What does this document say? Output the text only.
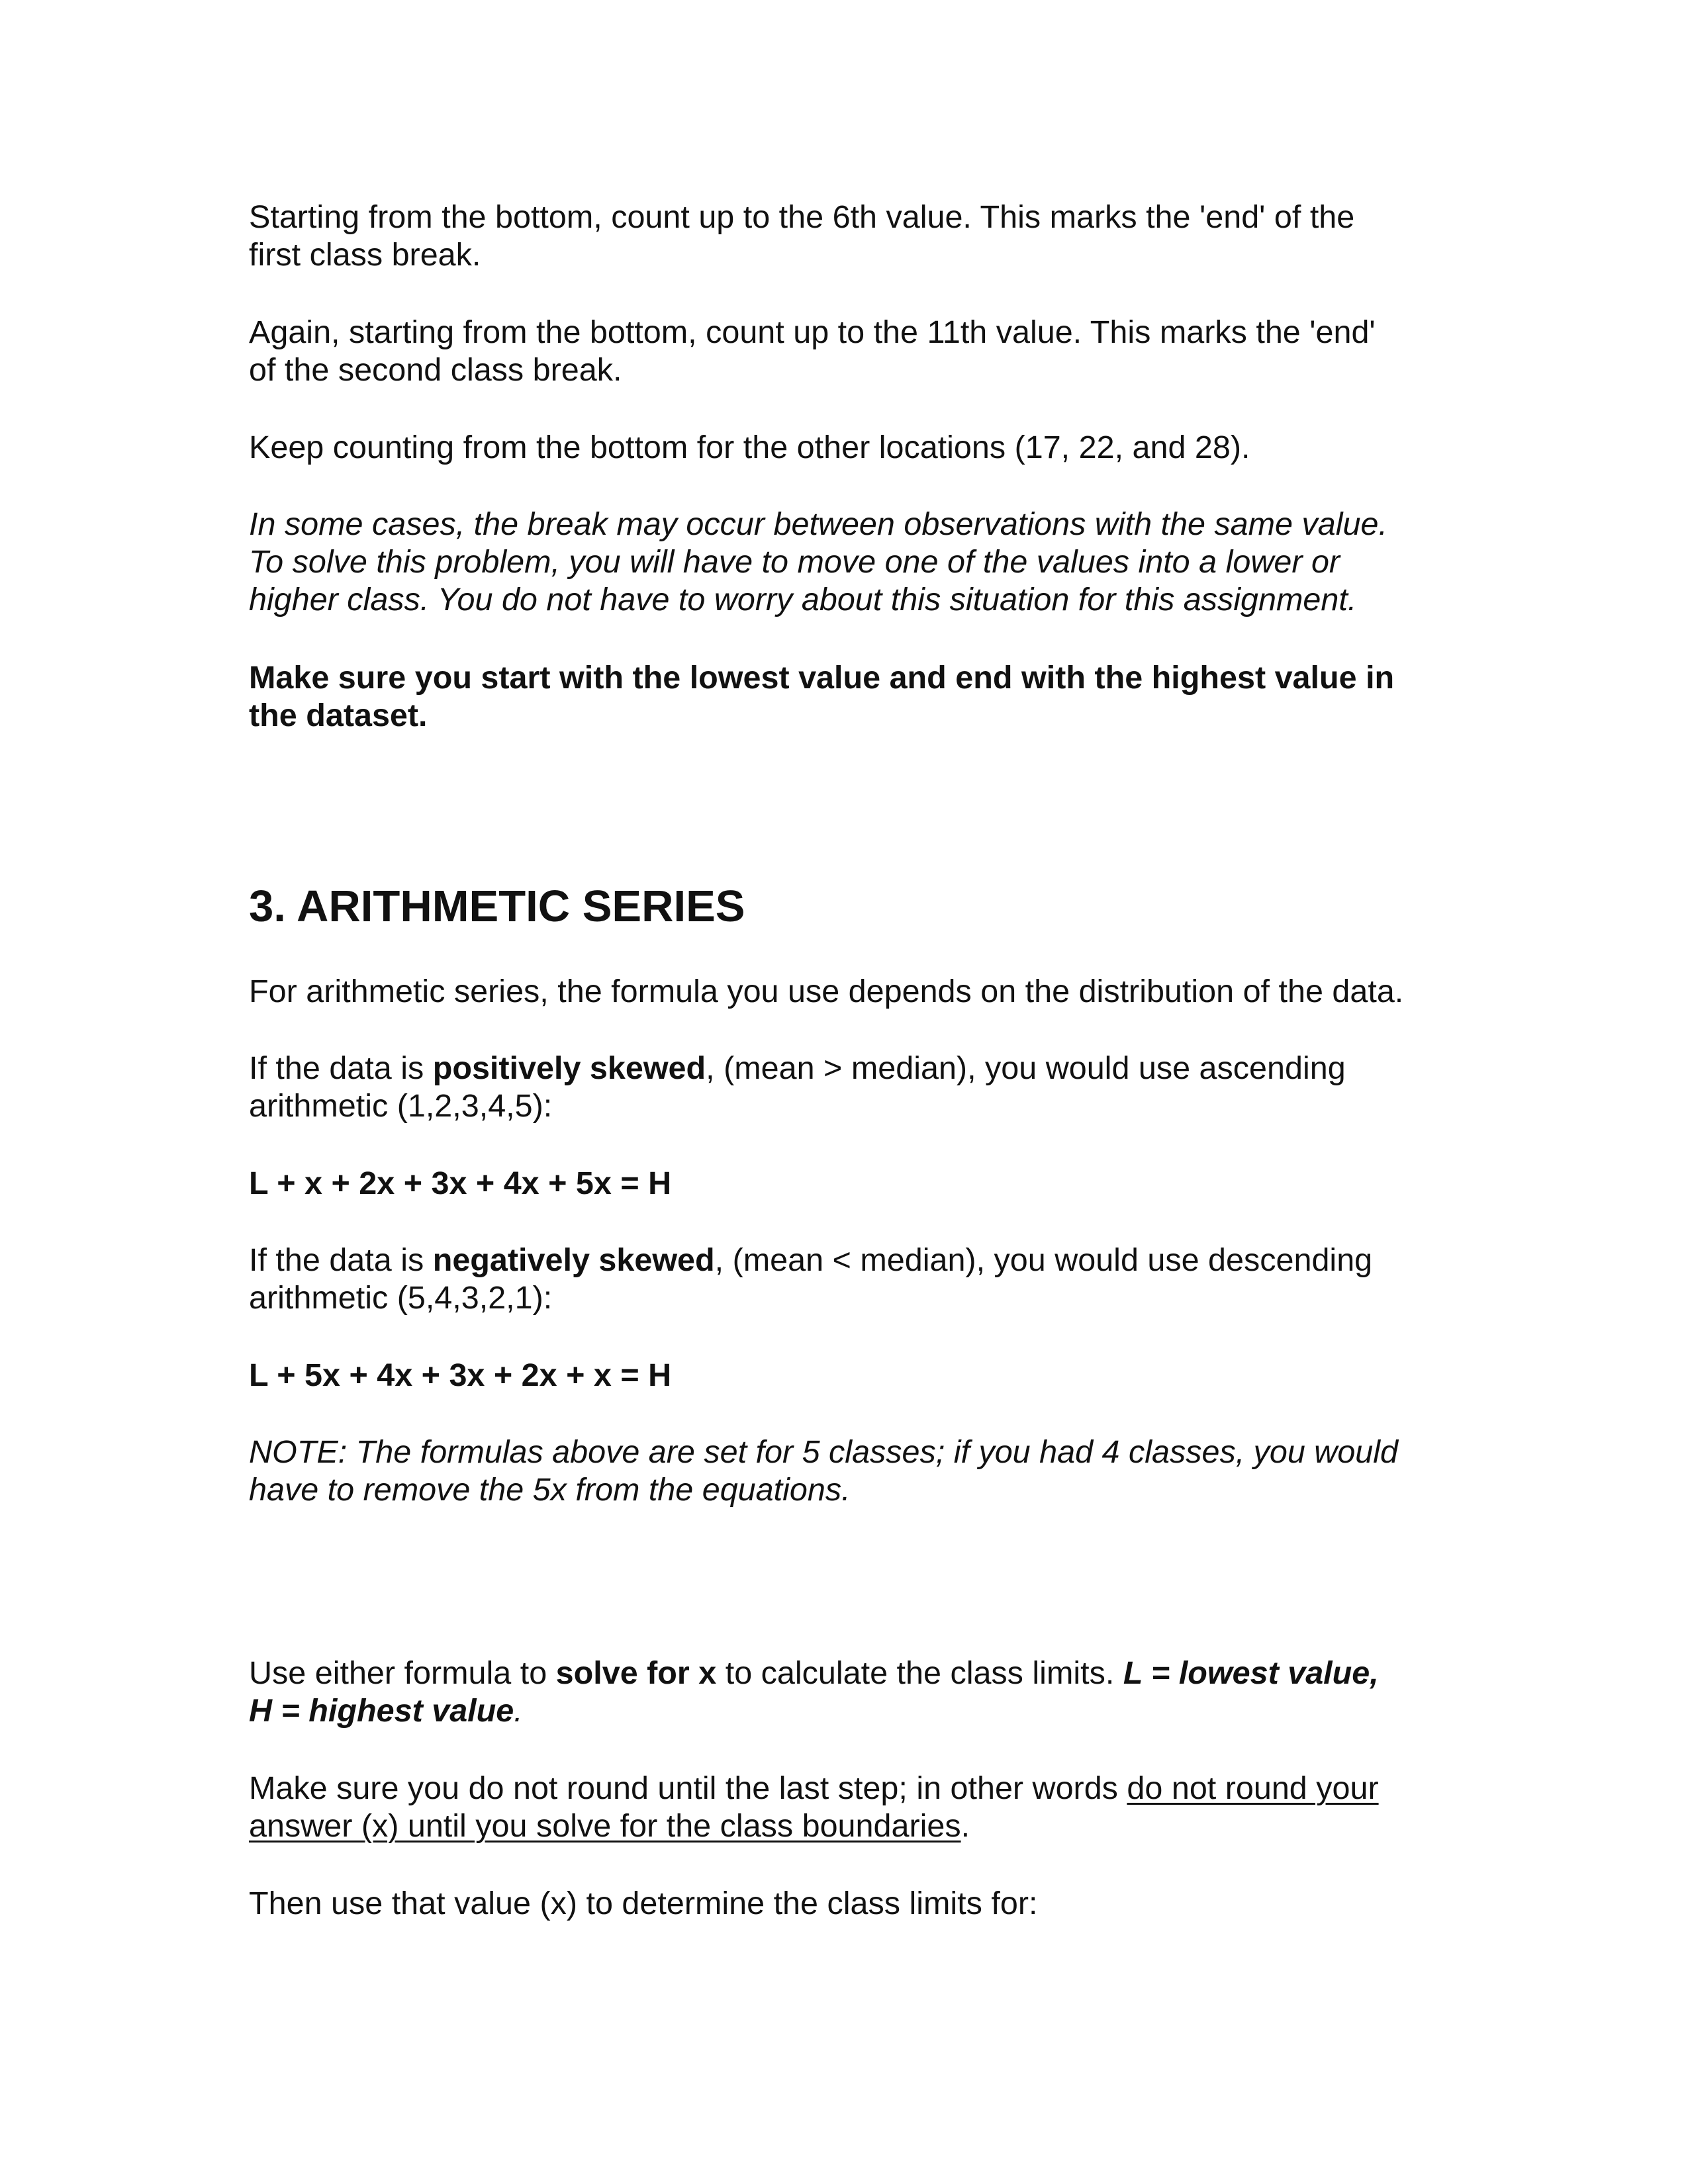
Starting from the bottom, count up to the 6th value. This marks the 'end' of the
first class break.

Again, starting from the bottom, count up to the 11th value. This marks the 'end'
of the second class break.

Keep counting from the bottom for the other locations (17, 22, and 28).

In some cases, the break may occur between observations with the same value.
To solve this problem, you will have to move one of the values into a lower or
higher class. You do not have to worry about this situation for this assignment.

Make sure you start with the lowest value and end with the highest value in
the dataset.

3. ARITHMETIC SERIES

For arithmetic series, the formula you use depends on the distribution of the data.

If the data is positively skewed, (mean > median), you would use ascending
arithmetic (1,2,3,4,5):

L + x + 2x + 3x + 4x + 5x = H

If the data is negatively skewed, (mean < median), you would use descending
arithmetic (5,4,3,2,1):

L + 5x + 4x + 3x + 2x + x = H

NOTE: The formulas above are set for 5 classes; if you had 4 classes, you would
have to remove the 5x from the equations.

Use either formula to solve for x to calculate the class limits. L = lowest value,
H = highest value.

Make sure you do not round until the last step; in other words do not round your
answer (x) until you solve for the class boundaries.

Then use that value (x) to determine the class limits for:
